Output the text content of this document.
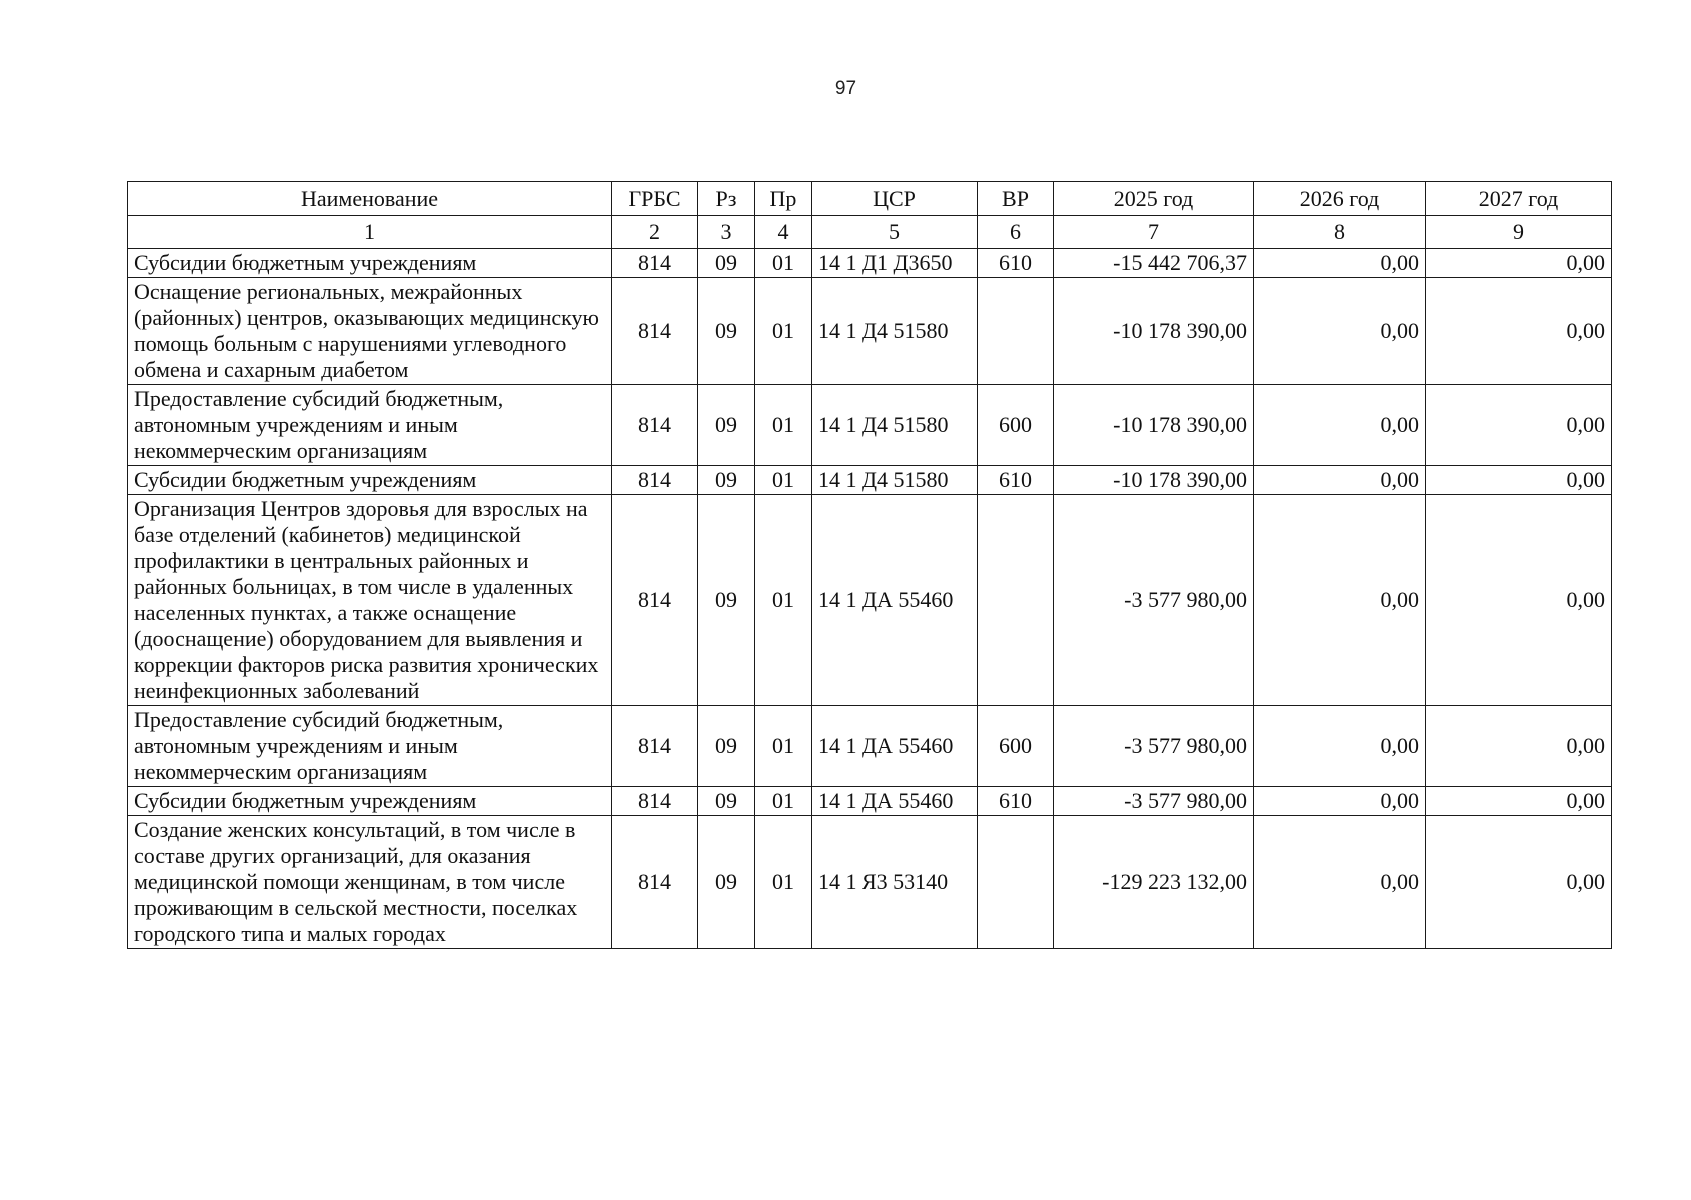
97
Наименование	ГРБС	Рз	Пр	ЦСР	ВР	2025 год	2026 год	2027 год
1	2	3	4	5	6	7	8	9
Субсидии бюджетным учреждениям	814	09	01	14 1 Д1 Д3650	610	-15 442 706,37	0,00	0,00
Оснащение региональных, межрайонных (районных) центров, оказывающих медицинскую помощь больным с нарушениями углеводного обмена и сахарным диабетом	814	09	01	14 1 Д4 51580		-10 178 390,00	0,00	0,00
Предоставление субсидий бюджетным, автономным учреждениям и иным некоммерческим организациям	814	09	01	14 1 Д4 51580	600	-10 178 390,00	0,00	0,00
Субсидии бюджетным учреждениям	814	09	01	14 1 Д4 51580	610	-10 178 390,00	0,00	0,00
Организация Центров здоровья для взрослых на базе отделений (кабинетов) медицинской профилактики в центральных районных и районных больницах, в том числе в удаленных населенных пунктах, а также оснащение (дооснащение) оборудованием для выявления и коррекции факторов риска развития хронических неинфекционных заболеваний	814	09	01	14 1 ДА 55460		-3 577 980,00	0,00	0,00
Предоставление субсидий бюджетным, автономным учреждениям и иным некоммерческим организациям	814	09	01	14 1 ДА 55460	600	-3 577 980,00	0,00	0,00
Субсидии бюджетным учреждениям	814	09	01	14 1 ДА 55460	610	-3 577 980,00	0,00	0,00
Создание женских консультаций, в том числе в составе других организаций, для оказания медицинской помощи женщинам, в том числе проживающим в сельской местности, поселках городского типа и малых городах	814	09	01	14 1 Я3 53140		-129 223 132,00	0,00	0,00
